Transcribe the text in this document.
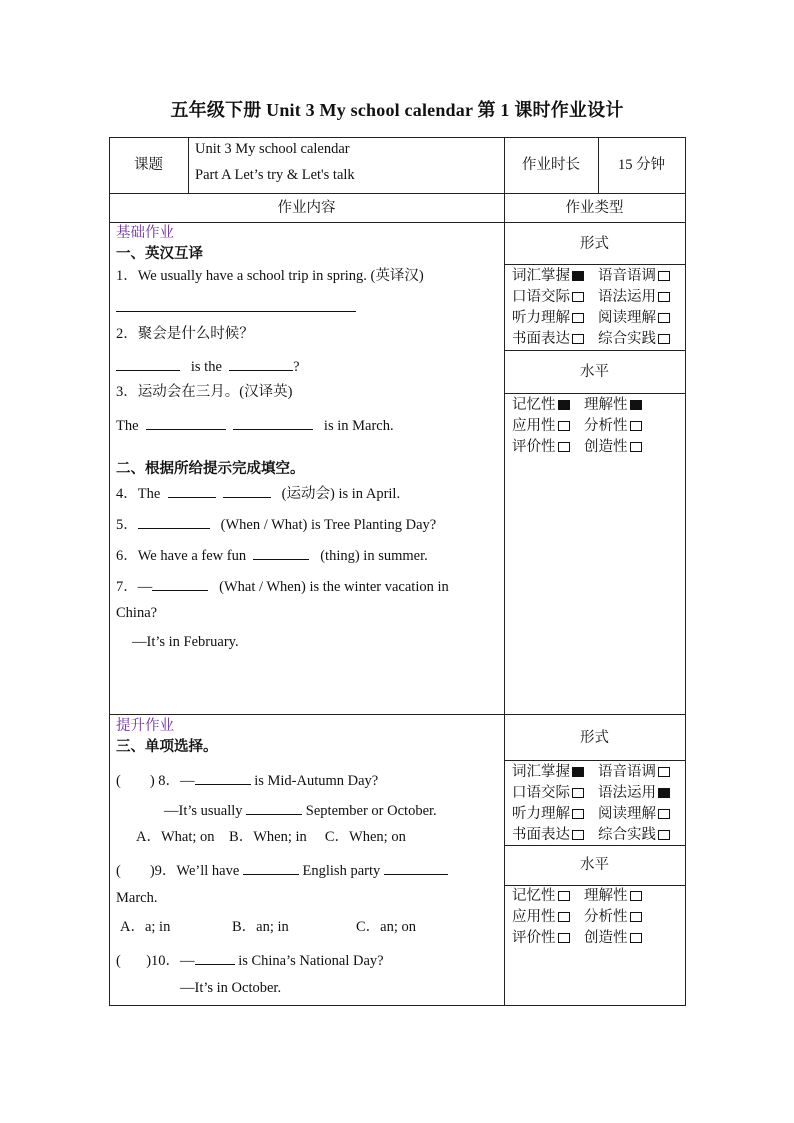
五年级下册 Unit 3 My school calendar 第 1 课时作业设计
课题
Unit 3 My school calendar
Part A Let’s try & Let's talk
作业时长	15 分钟
作业内容	作业类型
基础作业
一、英汉互译
1．We usually have a school trip in spring. (英译汉)
2．聚会是什么时候？
is the	?
3．运动会在三月。(汉译英)
The	is in March.
二、根据所给提示完成填空。
4．The	(运动会) is in April.
5．	(When / What) is Tree Planting Day?
6．We have a few fun	(thing) in summer.
7．—	(What / When) is the winter vacation in
China?
—It’s in February.
形式
词汇掌握	语音语调
口语交际	语法运用
听力理解	阅读理解
书面表达	综合实践
水平
记忆性	理解性
应用性	分析性
评价性	创造性
提升作业
三、单项选择。
( ) 8．—	is Mid-Autumn Day?
—It’s usually	September or October.
A．What; on    B．When; in     C．When; on
( )9．We’ll have	English party
March.
A．a; in	B．an; in	C．an; on
( )10．—	is China’s National Day?
—It’s in October.
形式
词汇掌握	语音语调
口语交际	语法运用
听力理解	阅读理解
书面表达	综合实践
水平
记忆性	理解性
应用性	分析性
评价性	创造性
